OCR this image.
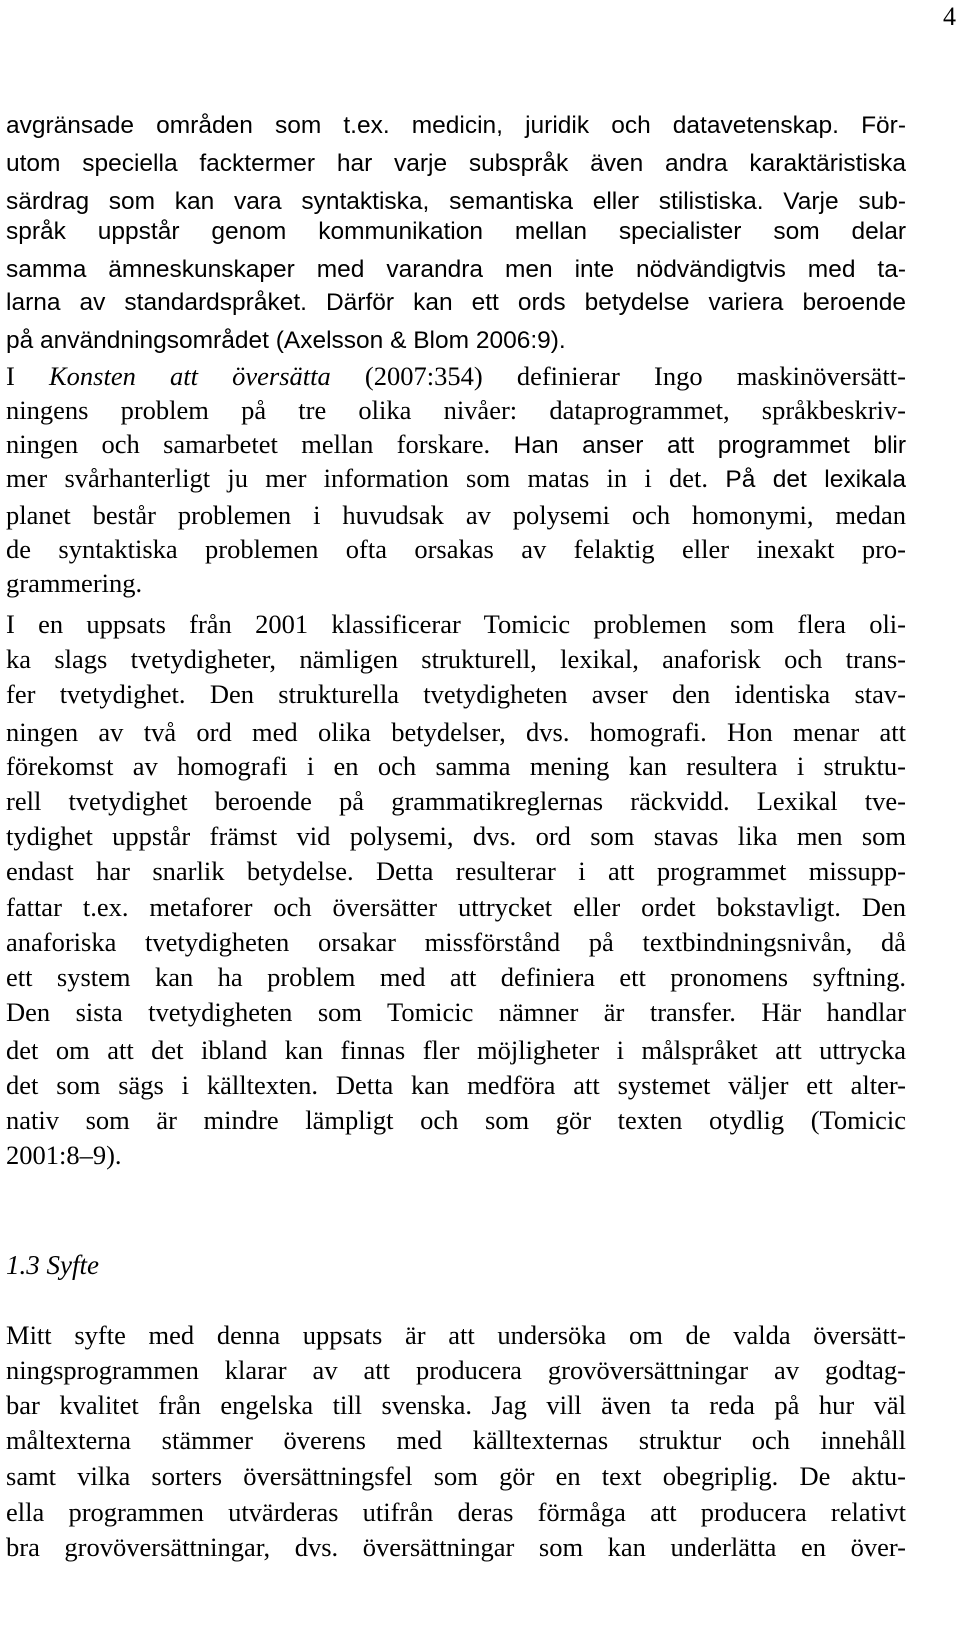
4
avgränsade områden som t.ex. medicin, juridik och datavetenskap. För-
utom speciella facktermer har varje subspråk även andra karaktäristiska
särdrag som kan vara syntaktiska, semantiska eller stilistiska. Varje sub-
språk uppstår genom kommunikation mellan specialister som delar
samma ämneskunskaper med varandra men inte nödvändigtvis med ta-
larna av standardspråket. Därför kan ett ords betydelse variera beroende
på användningsområdet (Axelsson & Blom 2006:9).
I Konsten att översätta (2007:354) definierar Ingo maskinöversätt-
ningens problem på tre olika nivåer: dataprogrammet, språkbeskriv-
ningen och samarbetet mellan forskare. Han anser att programmet blir
mer svårhanterligt ju mer information som matas in i det. På det lexikala
planet består problemen i huvudsak av polysemi och homonymi, medan
de syntaktiska problemen ofta orsakas av felaktig eller inexakt pro-
grammering.
I en uppsats från 2001 klassificerar Tomicic problemen som flera oli-
ka slags tvetydigheter, nämligen strukturell, lexikal, anaforisk och trans-
fer tvetydighet. Den strukturella tvetydigheten avser den identiska stav-
ningen av två ord med olika betydelser, dvs. homografi. Hon menar att
förekomst av homografi i en och samma mening kan resultera i struktu-
rell tvetydighet beroende på grammatikreglernas räckvidd. Lexikal tve-
tydighet uppstår främst vid polysemi, dvs. ord som stavas lika men som
endast har snarlik betydelse. Detta resulterar i att programmet missupp-
fattar t.ex. metaforer och översätter uttrycket eller ordet bokstavligt. Den
anaforiska tvetydigheten orsakar missförstånd på textbindningsnivån, då
ett system kan ha problem med att definiera ett pronomens syftning.
Den sista tvetydigheten som Tomicic nämner är transfer. Här handlar
det om att det ibland kan finnas fler möjligheter i målspråket att uttrycka
det som sägs i källtexten. Detta kan medföra att systemet väljer ett alter-
nativ som är mindre lämpligt och som gör texten otydlig (Tomicic
2001:8–9).
1.3 Syfte
Mitt syfte med denna uppsats är att undersöka om de valda översätt-
ningsprogrammen klarar av att producera grovöversättningar av godtag-
bar kvalitet från engelska till svenska. Jag vill även ta reda på hur väl
måltexterna stämmer överens med källtexternas struktur och innehåll
samt vilka sorters översättningsfel som gör en text obegriplig. De aktu-
ella programmen utvärderas utifrån deras förmåga att producera relativt
bra grovöversättningar, dvs. översättningar som kan underlätta en över-
